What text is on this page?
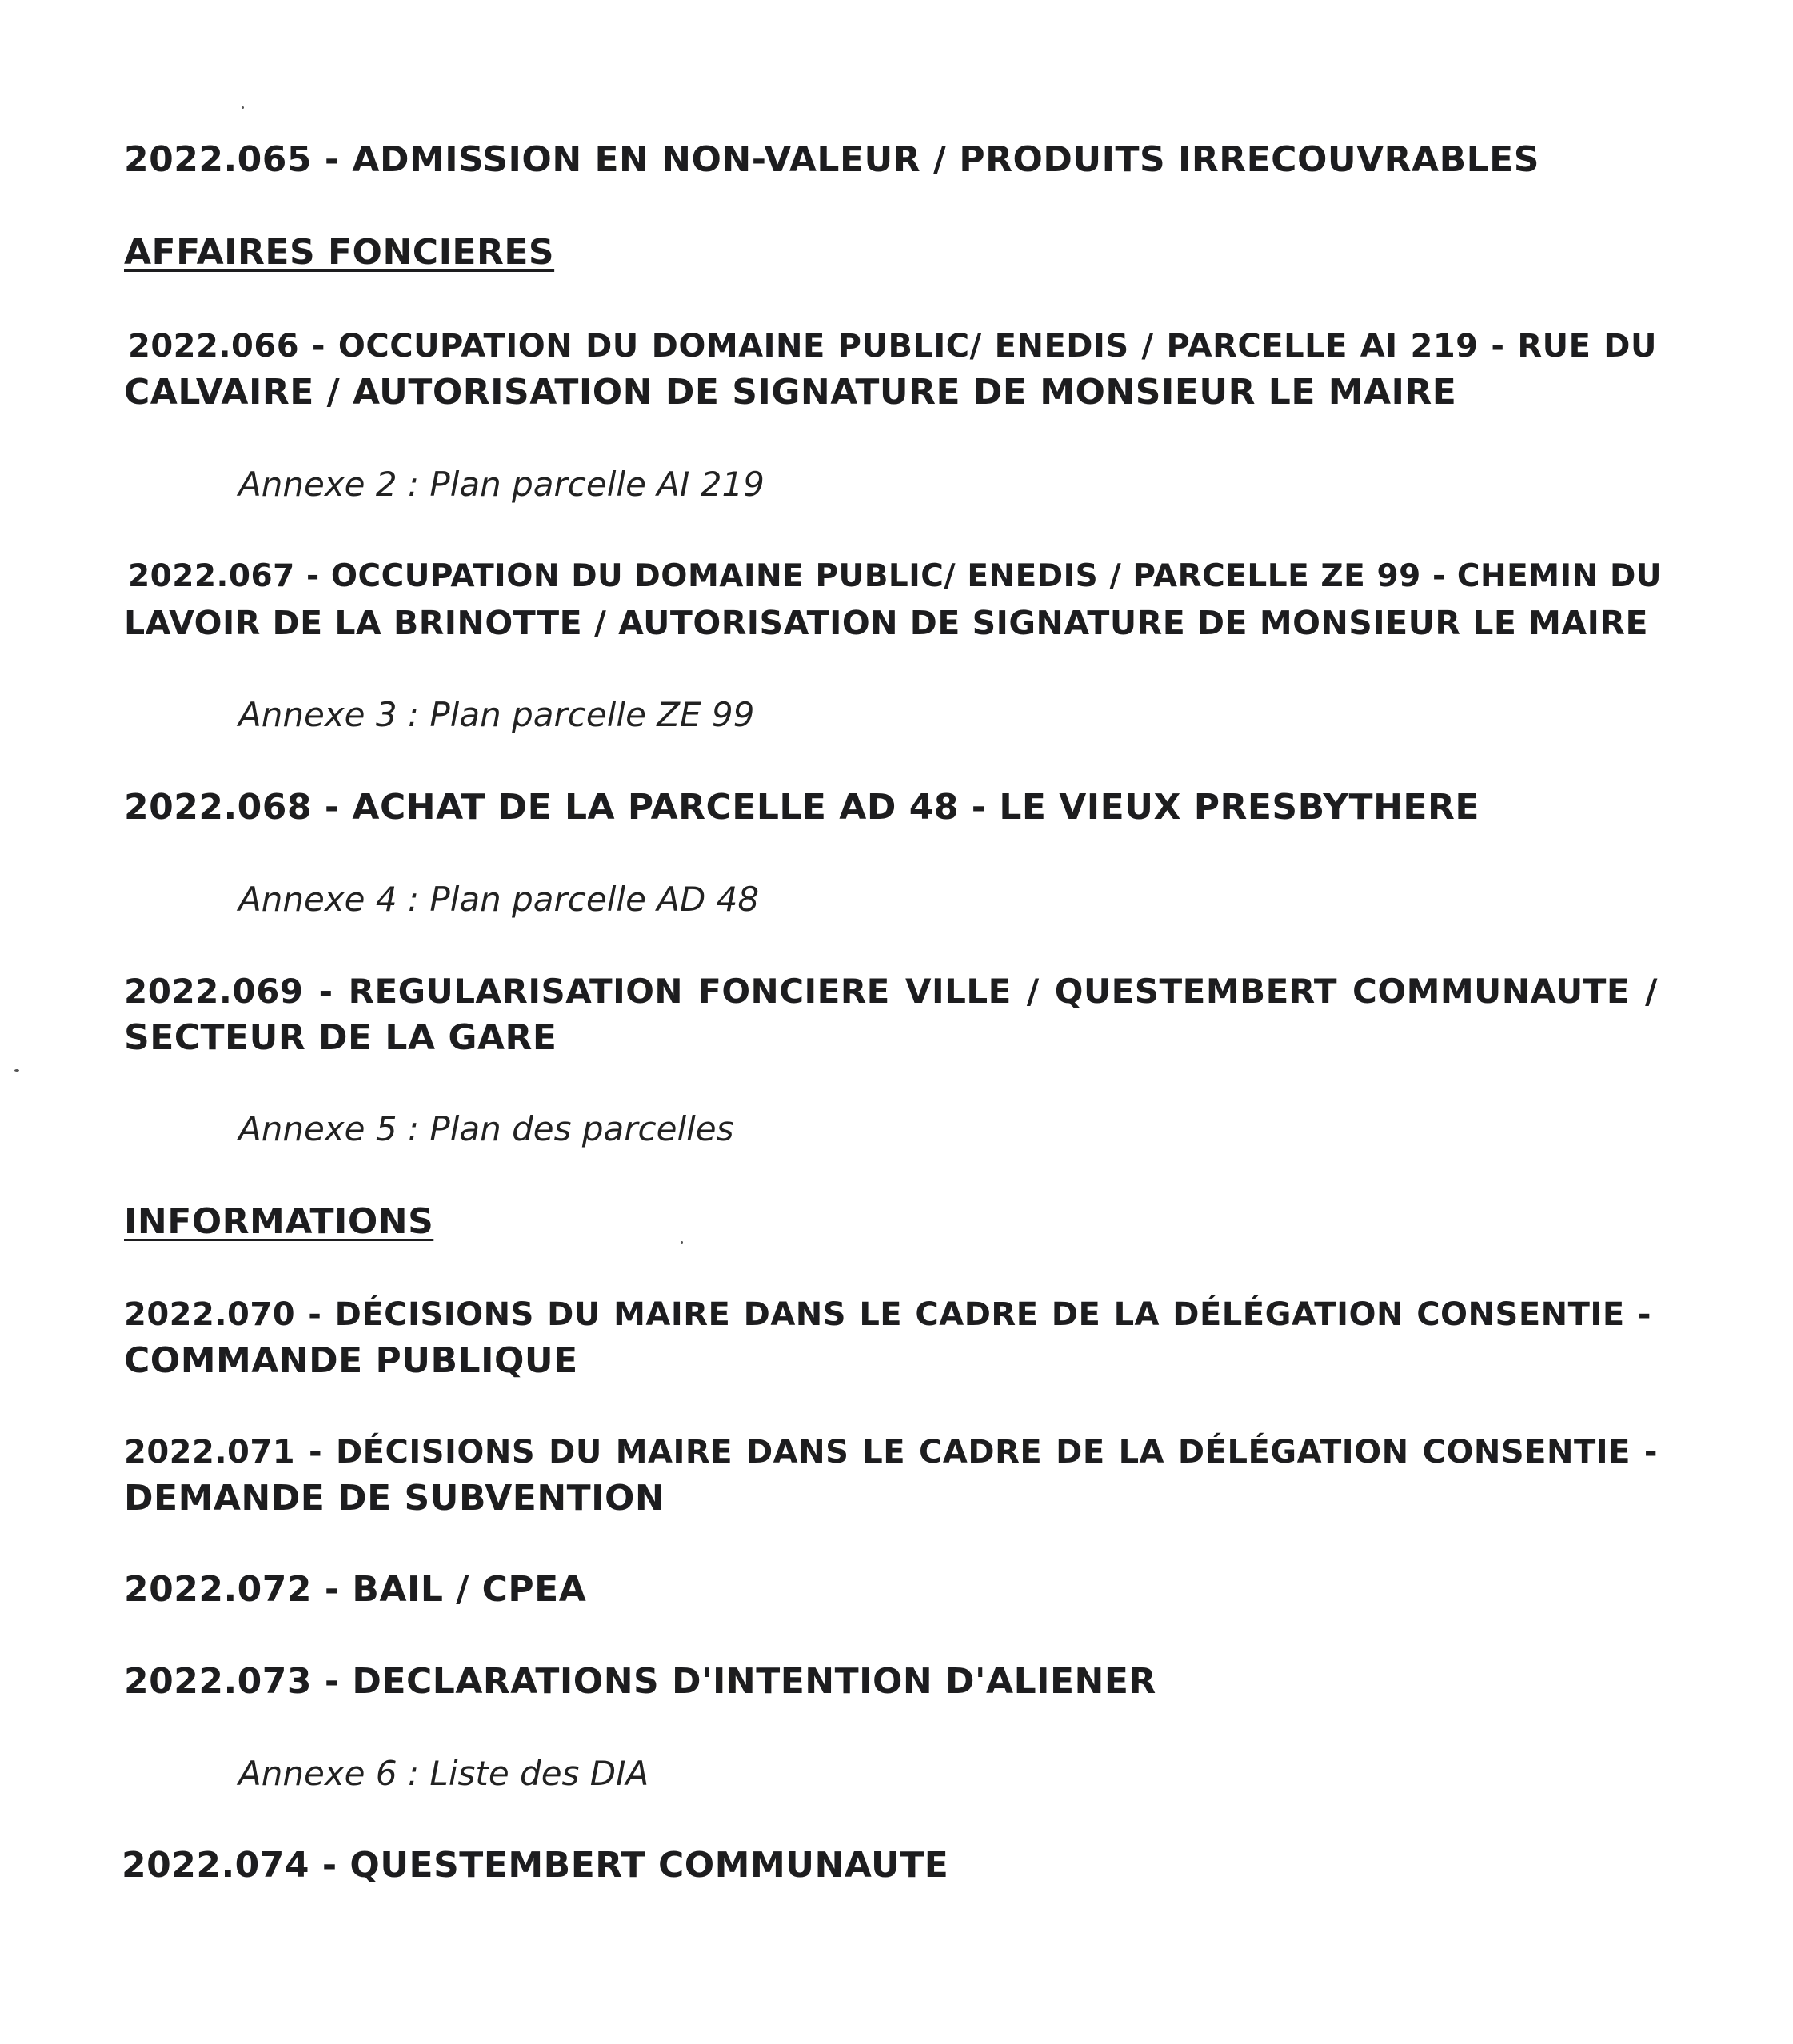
2022.065 - ADMISSION EN NON-VALEUR / PRODUITS IRRECOUVRABLES
AFFAIRES FONCIERES
2022.066 - OCCUPATION DU DOMAINE PUBLIC/ ENEDIS / PARCELLE AI 219 - RUE DU
CALVAIRE / AUTORISATION DE SIGNATURE DE MONSIEUR LE MAIRE
Annexe 2 : Plan parcelle AI 219
2022.067 - OCCUPATION DU DOMAINE PUBLIC/ ENEDIS / PARCELLE ZE 99 - CHEMIN DU
LAVOIR DE LA BRINOTTE / AUTORISATION DE SIGNATURE DE MONSIEUR LE MAIRE
Annexe 3 : Plan parcelle ZE 99
2022.068 - ACHAT DE LA PARCELLE AD 48 - LE VIEUX PRESBYTHERE
Annexe 4 : Plan parcelle AD 48
2022.069 - REGULARISATION FONCIERE VILLE / QUESTEMBERT COMMUNAUTE /
SECTEUR DE LA GARE
Annexe 5 : Plan des parcelles
INFORMATIONS
2022.070 - DÉCISIONS DU MAIRE DANS LE CADRE DE LA DÉLÉGATION CONSENTIE -
COMMANDE PUBLIQUE
2022.071 - DÉCISIONS DU MAIRE DANS LE CADRE DE LA DÉLÉGATION CONSENTIE -
DEMANDE DE SUBVENTION
2022.072 - BAIL / CPEA
2022.073 - DECLARATIONS D'INTENTION D'ALIENER
Annexe 6 : Liste des DIA
2022.074 - QUESTEMBERT COMMUNAUTE
